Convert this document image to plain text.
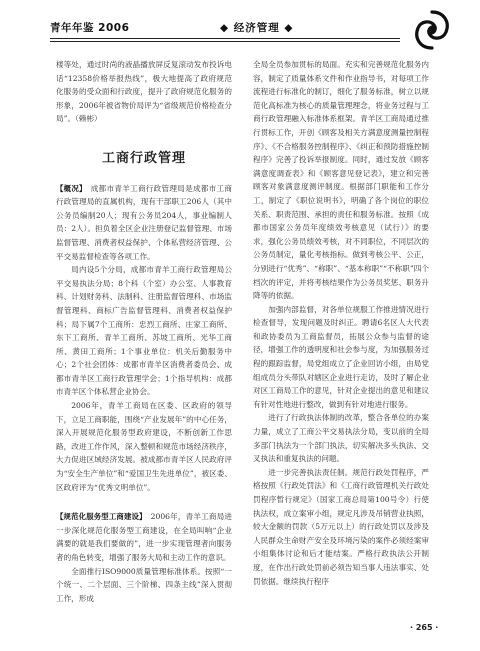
青年年鉴 2006	◆ 经济管理 ◆

楼等处，通过时尚的液晶播放屏反复滚动发布投诉电话“12358价格举报热线”，极大地提高了政府规范化服务的受众面和行政度，提升了政府规范化服务的形象，2006年被省物价局评为“省级规范价格检查分局”。（赖彬）

工商行政管理

【概况】　 成都市青羊工商行政管理局是成都市工商行政管理局的直属机构，现有干部职工206人（其中公务员编制20人；现有公务员204人，事业编制人员：2人）。担负着全区企业注册登记监督管理、市场监督管理、消费者权益保护、个体私营经济管理、公平交易监督检查等各项工作。

局内设5个分局，成都市青羊工商行政管理局公平交易执法分局；8个科（个室）办公室、人事教育科、计划财务科、法制科、注册监督管理科、市场监督管理科、商标广告监督管理科、消费者权益保护科；局下属7个工商所：忠烈工商所、庄家工商所、东下工商所、青羊工商所、苏坡工商所、光华工商所、黄田工商所；1个事业单位：机关后勤服务中心；2个社会团体：成都市青羊区消费者委员会、成都市青羊区工商行政管理学会；1个指导机构：成都市青羊区个体私营企业协会。

2006年，青羊工商局在区委、区政府的领导下，立足工商职能，围绕“产业发展年”的中心任务，深入开展规范化服务型政府建设，不断创新工作思路，改进工作作风，深入整顿和规范市场经济秩序，大力促进区域经济发展。被成都市青羊区人民政府评为“安全生产单位”和“爱国卫生先进单位”，被区委、区政府评为“优秀文明单位”。

【规范化服务型工商建设】　 2006年，青羊工商局进一步深化规范化服务型工商建设，在全局叫响“企业满要的就是我们要做的”，进一步实现管理者向服务者的角色转变，增强了服务大局和主动工作的意识。

全面推行ISO9000质量管理标准体系。按照“一个统一、二个层面、三个阶梯、四条主线”深入贯彻工作，形成

全局全员参加贯标的局面。充实和完善规范化服务内容，制定了质量体系文件和作业指导书，对每项工作流程进行标准化的制订，细化了服务标准，树立以规范化高标准为核心的质量管理理念，将业务过程与工商行政管理融入标准体系框架。青羊区工商局通过推行贯标工作，开创《顾客及相关方满意度测量控制程序》、《不合格服务控制程序》、《纠正和预防措施控制程序》完善了投诉举报制度。同时，通过发放《顾客满意度调查表》和《顾客意见登记表》，建立和完善顾客对象满意度测评制度。根据部门职能和工作分工，制定了《职位说明书》，明确了各个岗位的职位关系、职责范围、承担的责任和服务标准。按照《成都市国家公务员年度绩效考核意见（试行）》的要求，强化公务员绩效考核，对不同职位，不同层次的公务员制定，量化考核指标。做到考核公平、公正，分别进行“优秀”、“称职”、“基本称职”“不称职”四个档次的评定，并将考核结果作为公务员奖惩、职务升降等的依据。

加强内部监督，对各单位规服工作推进情况进行检查督导，发现问题及时纠正。聘请6名区人大代表和政协委员为工商监督员，拓展公众参与监督的途径，增强工作的透明度和社会参与度，为加强服务过程的跟踪监督，局党组成立了企业回访小组，由局党组成员分头带队对辖区企业进行走访，及时了解企业对区工商局工作的意见，针对企业提出的意见和建议有针对性地进行整改，做到有针对地进行服务。

进行了行政执法体制的改革，整合各单位的办案力量，成立了工商公平交易执法分局，变以前的全局多部门执法为一个部门执法，切实解决多头执法、交叉执法和重复执法的问题。

进一步完善执法责任制。规范行政处罚程序，严格按照《行政处罚法》和《工商行政管理机关行政处罚程序暂行规定》（国家工商总局第100号令）行使执法权，成立案审小组，规定凡涉及吊销营业执照，较大金额的罚款（5万元以上）的行政处罚以及涉及人民群众生命财产安全及环境污染的案件必须经案审小组集体讨论和后才能结案。严格行政执法公开制度，在作出行政处罚前必须告知当事人违法事实、处罚依据。继续执行程序

· 265 ·
